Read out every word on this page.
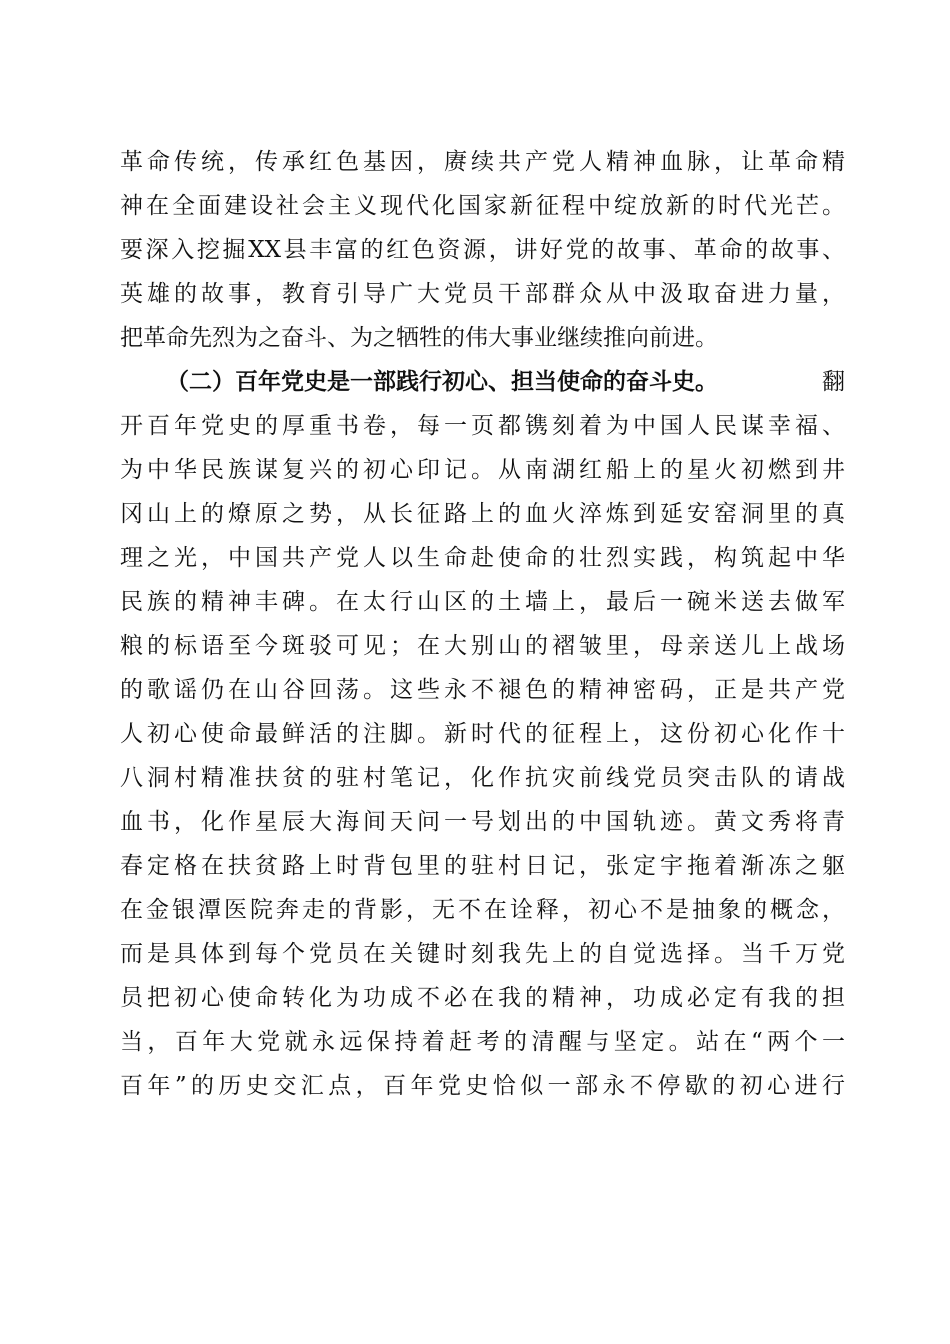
革命传统，传承红色基因，赓续共产党人精神血脉，让革命精
神在全面建设社会主义现代化国家新征程中绽放新的时代光芒。
要深入挖掘XX县丰富的红色资源，讲好党的故事、革命的故事、
英雄的故事，教育引导广大党员干部群众从中汲取奋进力量，
把革命先烈为之奋斗、为之牺牲的伟大事业继续推向前进。
（二）百年党史是一部践行初心、担当使命的奋斗史。	翻
开百年党史的厚重书卷，每一页都镌刻着为中国人民谋幸福、
为中华民族谋复兴的初心印记。从南湖红船上的星火初燃到井
冈山上的燎原之势，从长征路上的血火淬炼到延安窑洞里的真
理之光，中国共产党人以生命赴使命的壮烈实践，构筑起中华
民族的精神丰碑。在太行山区的土墙上，最后一碗米送去做军
粮的标语至今斑驳可见；在大别山的褶皱里，母亲送儿上战场
的歌谣仍在山谷回荡。这些永不褪色的精神密码，正是共产党
人初心使命最鲜活的注脚。新时代的征程上，这份初心化作十
八洞村精准扶贫的驻村笔记，化作抗灾前线党员突击队的请战
血书，化作星辰大海间天问一号划出的中国轨迹。黄文秀将青
春定格在扶贫路上时背包里的驻村日记，张定宇拖着渐冻之躯
在金银潭医院奔走的背影，无不在诠释，初心不是抽象的概念，
而是具体到每个党员在关键时刻我先上的自觉选择。当千万党
员把初心使命转化为功成不必在我的精神，功成必定有我的担
当，百年大党就永远保持着赶考的清醒与坚定。站在“两个一
百年”的历史交汇点，百年党史恰似一部永不停歇的初心进行
